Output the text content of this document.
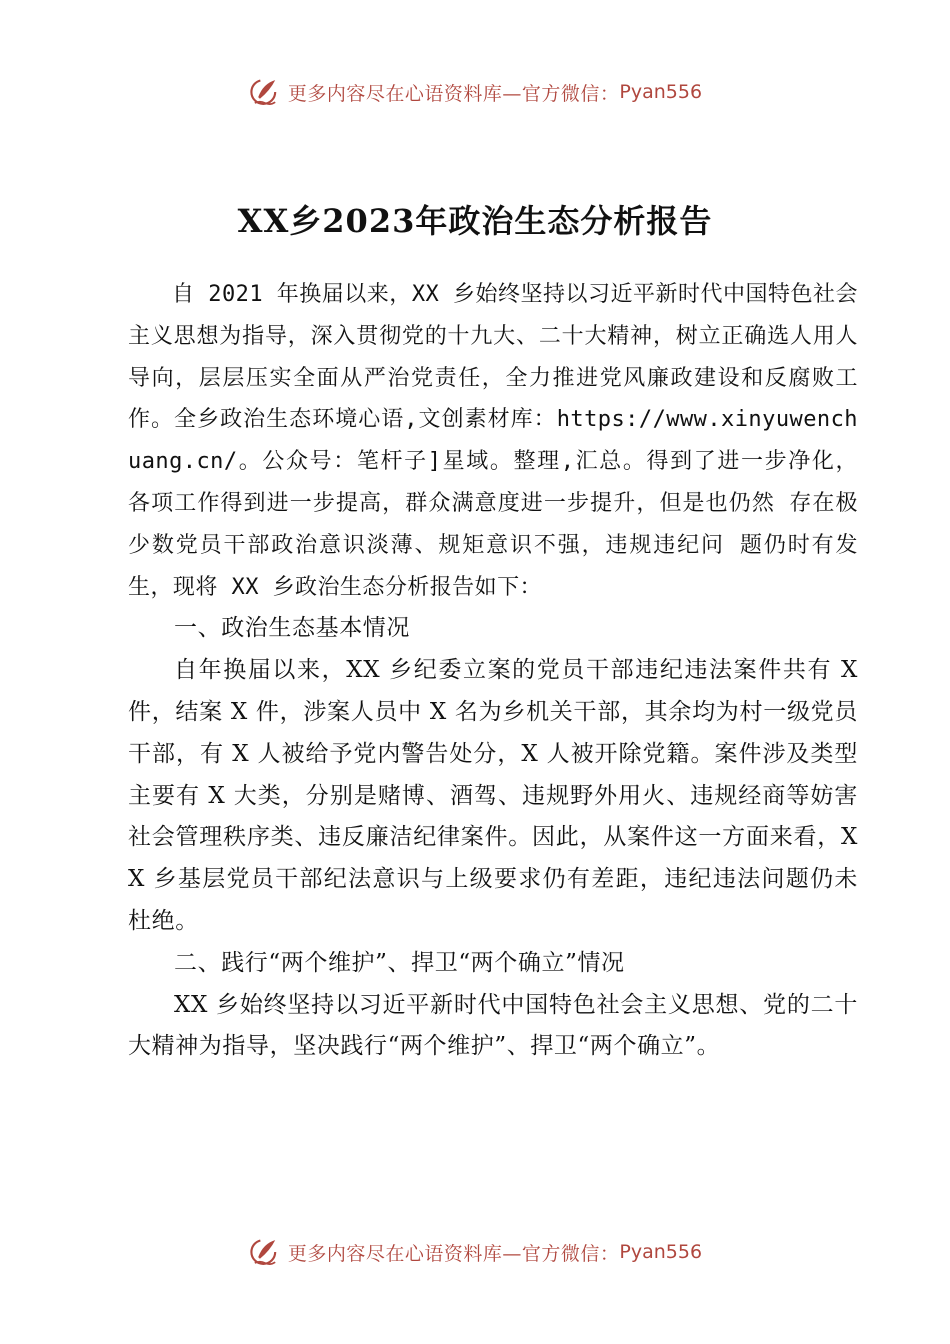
更多内容尽在心语资料库—官方微信： Pyan556
XX乡2023年政治生态分析报告

自 2021 年换届以来，XX 乡始终坚持以习近平新时代中国特色社会主义思想为指导，深入贯彻党的十九大、二十大精神，树立正确选人用人导向，层层压实全面从严治党责任，全力推进党风廉政建设和反腐败工作。全乡政治生态环境心语,文创素材库：https://www.xinyuwenchuang.cn/。公众号：笔杆子]星域。整理,汇总。得到了进一步净化， 各项工作得到进一步提高，群众满意度进一步提升，但是也仍然 存在极少数党员干部政治意识淡薄、规矩意识不强，违规违纪问 题仍时有发生，现将 XX 乡政治生态分析报告如下：

一、政治生态基本情况

自年换届以来，XX 乡纪委立案的党员干部违纪违法案件共有 X 件，结案 X 件，涉案人员中 X 名为乡机关干部，其余均为村一级党员干部，有 X 人被给予党内警告处分，X 人被开除党籍。案件涉及类型主要有 X 大类，分别是赌博、酒驾、违规野外用火、违规经商等妨害社会管理秩序类、违反廉洁纪律案件。因此，从案件这一方面来看，XX 乡基层党员干部纪法意识与上级要求仍有差距，违纪违法问题仍未杜绝。

二、践行“两个维护”、捍卫“两个确立”情况

XX 乡始终坚持以习近平新时代中国特色社会主义思想、党的二十大精神为指导，坚决践行“两个维护”、捍卫“两个确立”。

更多内容尽在心语资料库—官方微信： Pyan556
